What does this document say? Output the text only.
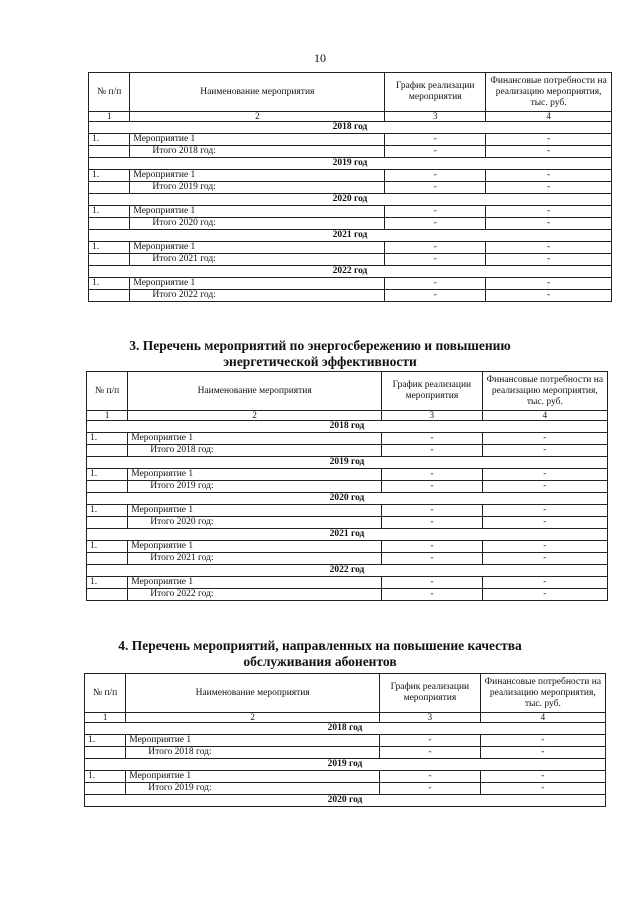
10
№ п/п	Наименование мероприятия	График реализации мероприятия	Финансовые потребности на реализацию мероприятия, тыс. руб.
1	2	3	4
2018 год			
1.	Мероприятие 1	-	-
	Итого 2018 год:	-	-
2019 год			
1.	Мероприятие 1	-	-
	Итого 2019 год:	-	-
2020 год			
1.	Мероприятие 1	-	-
	Итого 2020 год:	-	-
2021 год			
1.	Мероприятие 1	-	-
	Итого 2021 год:	-	-
2022 год			
1.	Мероприятие 1	-	-
	Итого 2022 год:	-	-
3. Перечень мероприятий по энергосбережению и повышению
энергетической эффективности
№ п/п	Наименование мероприятия	График реализации мероприятия	Финансовые потребности на реализацию мероприятия, тыс. руб.
1	2	3	4
2018 год			
1.	Мероприятие 1	-	-
	Итого 2018 год:	-	-
2019 год			
1.	Мероприятие 1	-	-
	Итого 2019 год:	-	-
2020 год			
1.	Мероприятие 1	-	-
	Итого 2020 год:	-	-
2021 год			
1.	Мероприятие 1	-	-
	Итого 2021 год:	-	-
2022 год			
1.	Мероприятие 1	-	-
	Итого 2022 год:	-	-
4. Перечень мероприятий, направленных на повышение качества
обслуживания абонентов
№ п/п	Наименование мероприятия	График реализации мероприятия	Финансовые потребности на реализацию мероприятия, тыс. руб.
1	2	3	4
2018 год			
1.	Мероприятие 1	-	-
	Итого 2018 год:	-	-
2019 год			
1.	Мероприятие 1	-	-
	Итого 2019 год:	-	-
2020 год			
